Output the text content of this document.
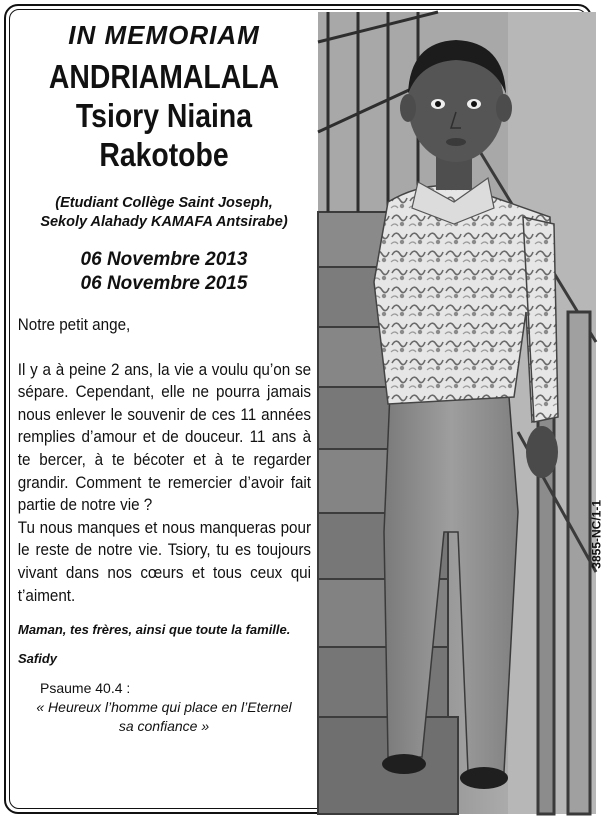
IN MEMORIAM
ANDRIAMALALA
Tsiory Niaina
Rakotobe
(Etudiant Collège Saint Joseph,
Sekoly Alahady KAMAFA Antsirabe)
06 Novembre 2013
06 Novembre 2015

Notre petit ange,

Il y a à peine 2 ans, la vie a voulu qu’on se sépare. Cependant, elle ne pourra jamais nous enlever le souvenir de ces 11 années remplies d’amour et de douceur. 11 ans à te bercer, à te bécoter et à te regarder grandir. Comment te remercier d’avoir fait partie de notre vie ?

Tu nous manques et nous manqueras pour le reste de notre vie. Tsiory, tu es toujours vivant dans nos cœurs et tous ceux qui t’aiment.

Maman, tes frères, ainsi que toute la famille.
Safidy
Psaume 40.4 :
« Heureux l’homme qui place en l’Eternel
sa confiance »
3855-NC/1-1
